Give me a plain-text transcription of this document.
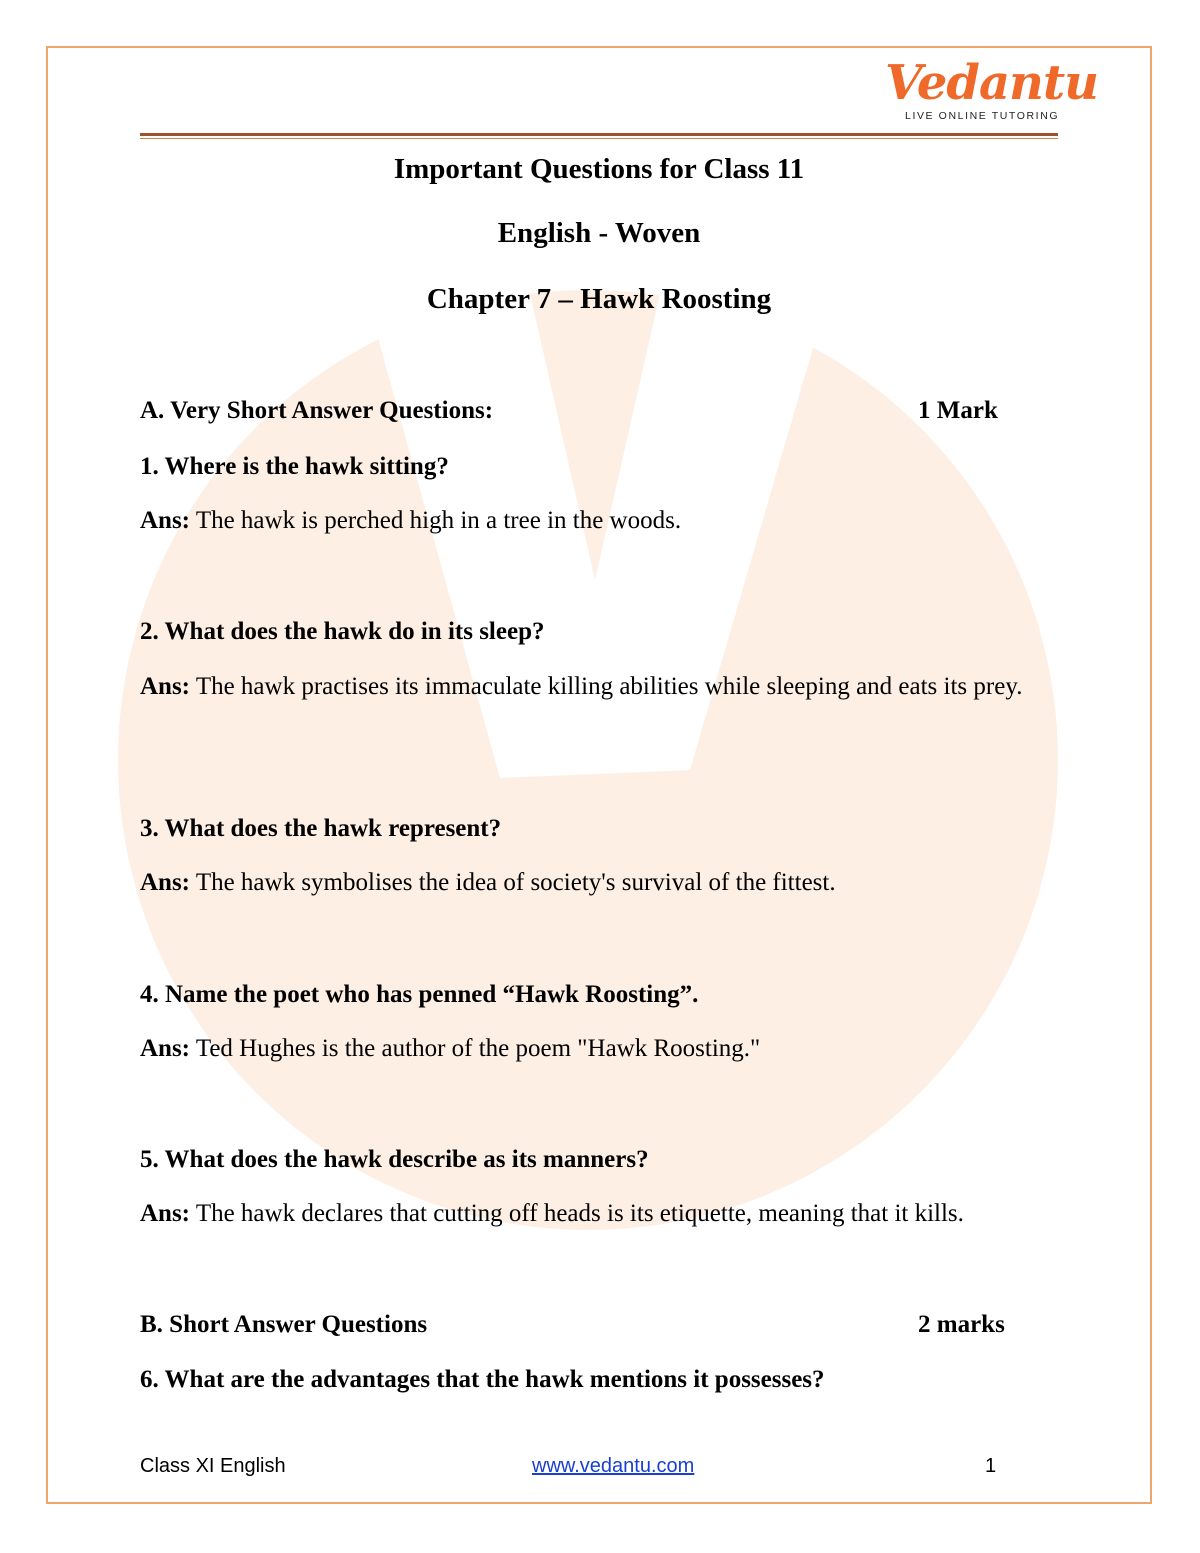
Vedantu
LIVE ONLINE TUTORING
Important Questions for Class 11
English - Woven
Chapter 7 – Hawk Roosting
A. Very Short Answer Questions:	1 Mark
1. Where is the hawk sitting?
Ans: The hawk is perched high in a tree in the woods.
2. What does the hawk do in its sleep?
Ans: The hawk practises its immaculate killing abilities while sleeping and eats its prey.
3. What does the hawk represent?
Ans: The hawk symbolises the idea of society's survival of the fittest.
4. Name the poet who has penned “Hawk Roosting”.
Ans: Ted Hughes is the author of the poem "Hawk Roosting."
5. What does the hawk describe as its manners?
Ans: The hawk declares that cutting off heads is its etiquette, meaning that it kills.
B. Short Answer Questions	2 marks
6. What are the advantages that the hawk mentions it possesses?
Class XI English	www.vedantu.com	1
